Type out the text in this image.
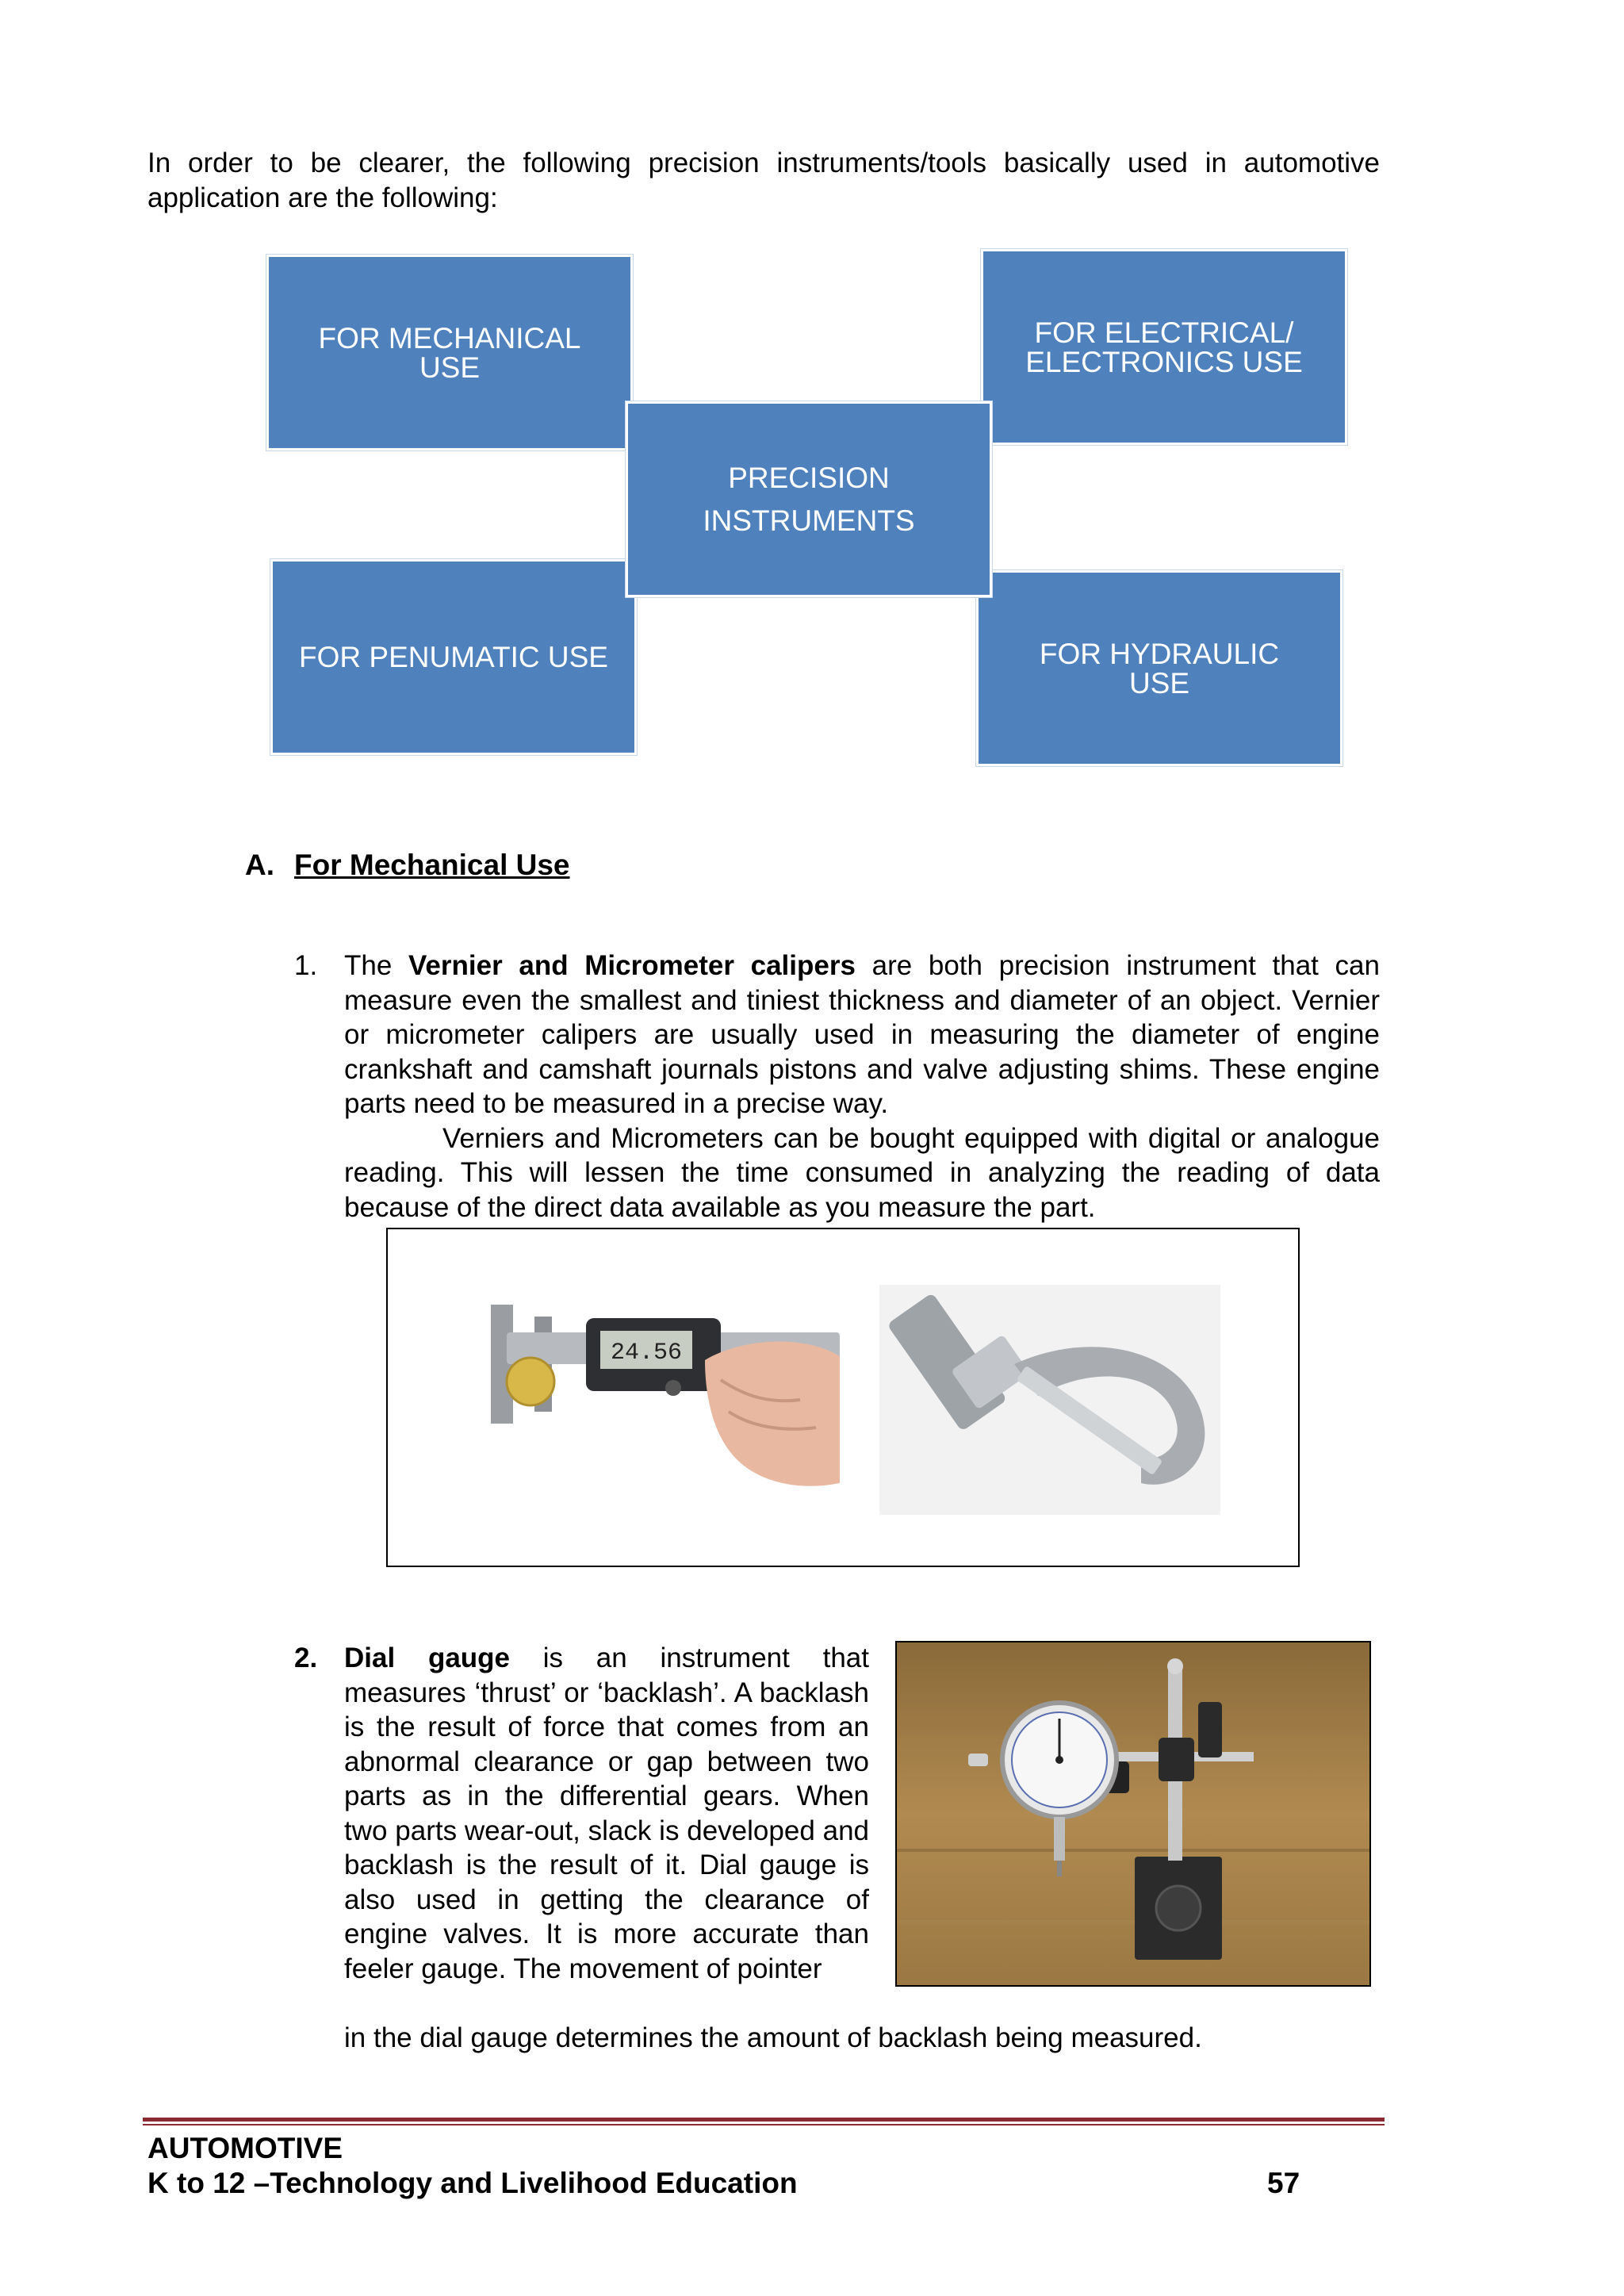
In order to be clearer, the following precision instruments/tools basically used in automotive application are the following:
FOR MECHANICAL
USE
FOR ELECTRICAL/
ELECTRONICS USE
FOR PENUMATIC USE	FOR HYDRAULIC
USE
PRECISION
INSTRUMENTS
A. For Mechanical Use
1. The Vernier and Micrometer calipers are both precision instrument that can measure even the smallest and tiniest thickness and diameter of an object. Vernier or micrometer calipers are usually used in measuring the diameter of engine crankshaft and camshaft journals pistons and valve adjusting shims. These engine parts need to be measured in a precise way.
Verniers and Micrometers can be bought equipped with digital or analogue reading. This will lessen the time consumed in analyzing the reading of data because of the direct data available as you measure the part.
24.56
2. Dial gauge is an instrument that measures ‘thrust’ or ‘backlash’. A backlash is the result of force that comes from an abnormal clearance or gap between two parts as in the differential gears. When two parts wear-out, slack is developed and backlash is the result of it. Dial gauge is also used in getting the clearance of engine valves. It is more accurate than feeler gauge. The movement of pointer
in the dial gauge determines the amount of backlash being measured.
AUTOMOTIVE
K to 12 –Technology and Livelihood Education	57
